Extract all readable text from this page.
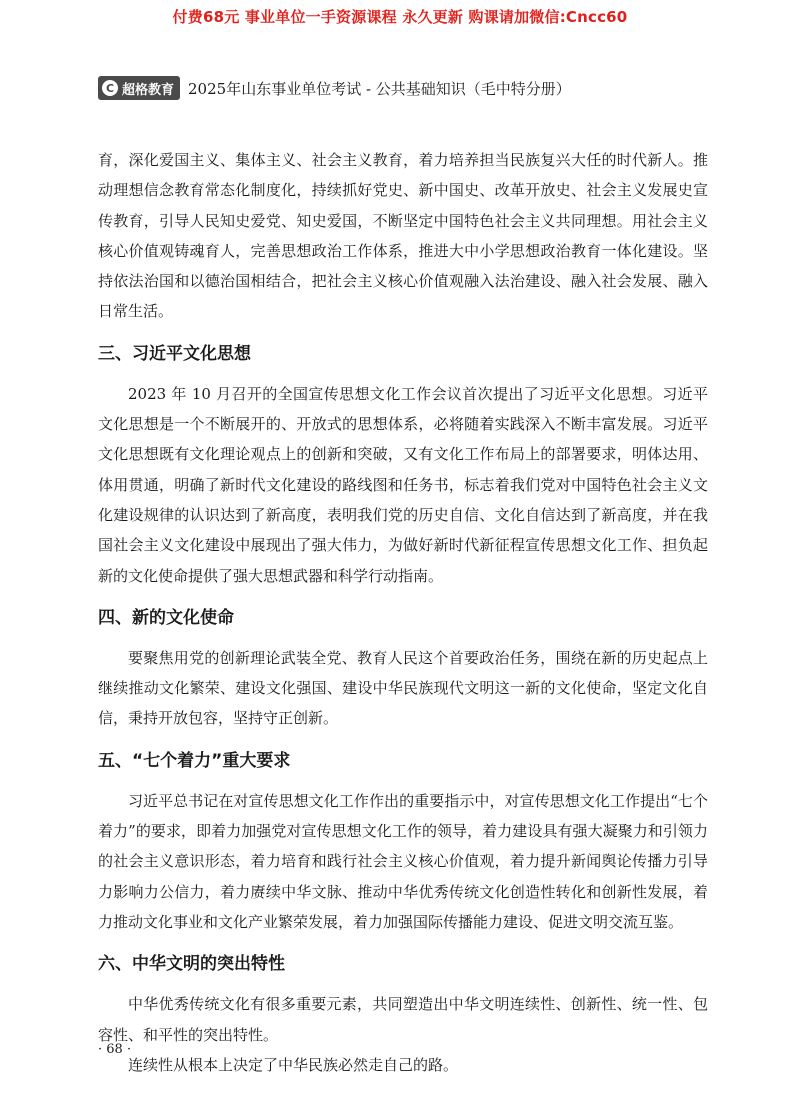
付费68元 事业单位一手资源课程 永久更新 购课请加微信:Cncc60
C 超格教育 2025年山东事业单位考试 - 公共基础知识（毛中特分册）

育，深化爱国主义、集体主义、社会主义教育，着力培养担当民族复兴大任的时代新人。推动理想信念教育常态化制度化，持续抓好党史、新中国史、改革开放史、社会主义发展史宣传教育，引导人民知史爱党、知史爱国，不断坚定中国特色社会主义共同理想。用社会主义核心价值观铸魂育人，完善思想政治工作体系，推进大中小学思想政治教育一体化建设。坚持依法治国和以德治国相结合，把社会主义核心价值观融入法治建设、融入社会发展、融入日常生活。

三、习近平文化思想

2023 年 10 月召开的全国宣传思想文化工作会议首次提出了习近平文化思想。习近平文化思想是一个不断展开的、开放式的思想体系，必将随着实践深入不断丰富发展。习近平文化思想既有文化理论观点上的创新和突破，又有文化工作布局上的部署要求，明体达用、体用贯通，明确了新时代文化建设的路线图和任务书，标志着我们党对中国特色社会主义文化建设规律的认识达到了新高度，表明我们党的历史自信、文化自信达到了新高度，并在我国社会主义文化建设中展现出了强大伟力，为做好新时代新征程宣传思想文化工作、担负起新的文化使命提供了强大思想武器和科学行动指南。

四、新的文化使命

要聚焦用党的创新理论武装全党、教育人民这个首要政治任务，围绕在新的历史起点上继续推动文化繁荣、建设文化强国、建设中华民族现代文明这一新的文化使命，坚定文化自信，秉持开放包容，坚持守正创新。

五、“七个着力”重大要求

习近平总书记在对宣传思想文化工作作出的重要指示中，对宣传思想文化工作提出“七个着力”的要求，即着力加强党对宣传思想文化工作的领导，着力建设具有强大凝聚力和引领力的社会主义意识形态，着力培育和践行社会主义核心价值观，着力提升新闻舆论传播力引导力影响力公信力，着力赓续中华文脉、推动中华优秀传统文化创造性转化和创新性发展，着力推动文化事业和文化产业繁荣发展，着力加强国际传播能力建设、促进文明交流互鉴。

六、中华文明的突出特性

中华优秀传统文化有很多重要元素，共同塑造出中华文明连续性、创新性、统一性、包容性、和平性的突出特性。

连续性从根本上决定了中华民族必然走自己的路。

· 68 ·
